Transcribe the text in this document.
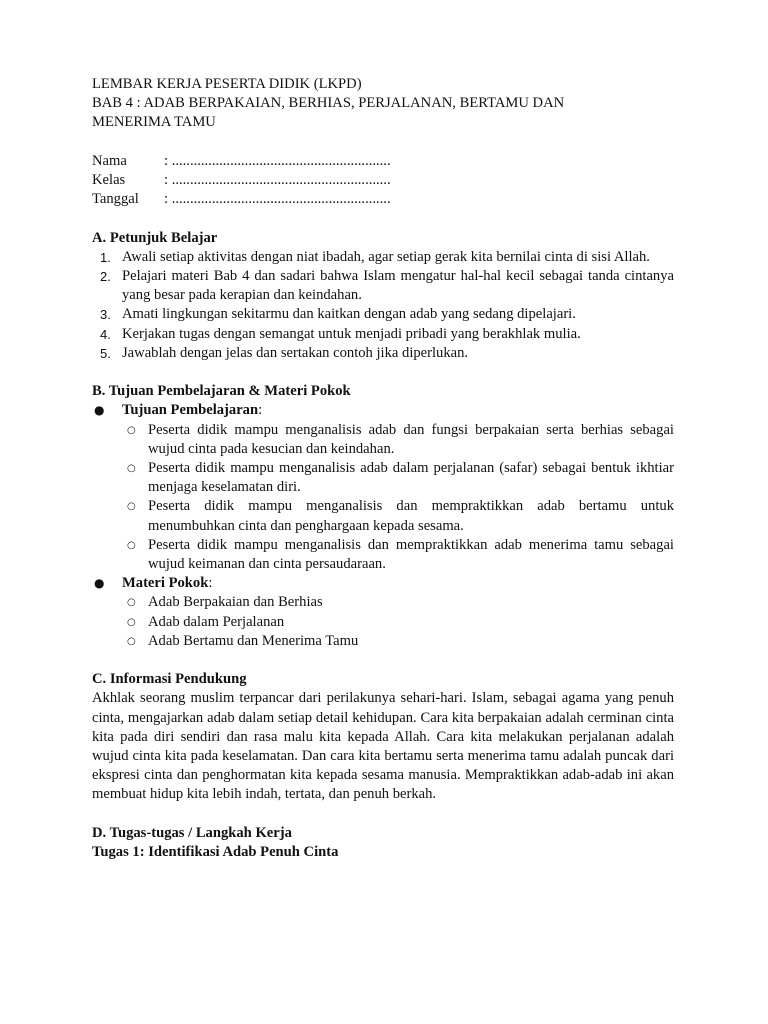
LEMBAR KERJA PESERTA DIDIK (LKPD)

BAB 4 : ADAB BERPAKAIAN, BERHIAS, PERJALANAN, BERTAMU DAN

MENERIMA TAMU

Nama	: ............................................................
Kelas	: ............................................................
Tanggal	: ............................................................

A. Petunjuk Belajar

1. Awali setiap aktivitas dengan niat ibadah, agar setiap gerak kita bernilai cinta di sisi Allah.
2. Pelajari materi Bab 4 dan sadari bahwa Islam mengatur hal-hal kecil sebagai tanda cintanya yang besar pada kerapian dan keindahan.
3. Amati lingkungan sekitarmu dan kaitkan dengan adab yang sedang dipelajari.
4. Kerjakan tugas dengan semangat untuk menjadi pribadi yang berakhlak mulia.
5. Jawablah dengan jelas dan sertakan contoh jika diperlukan.

B. Tujuan Pembelajaran & Materi Pokok

● Tujuan Pembelajaran:
○ Peserta didik mampu menganalisis adab dan fungsi berpakaian serta berhias sebagai wujud cinta pada kesucian dan keindahan.
○ Peserta didik mampu menganalisis adab dalam perjalanan (safar) sebagai bentuk ikhtiar menjaga keselamatan diri.
○ Peserta didik mampu menganalisis dan mempraktikkan adab bertamu untuk menumbuhkan cinta dan penghargaan kepada sesama.
○ Peserta didik mampu menganalisis dan mempraktikkan adab menerima tamu sebagai wujud keimanan dan cinta persaudaraan.
● Materi Pokok:
○ Adab Berpakaian dan Berhias
○ Adab dalam Perjalanan
○ Adab Bertamu dan Menerima Tamu

C. Informasi Pendukung

Akhlak seorang muslim terpancar dari perilakunya sehari-hari. Islam, sebagai agama yang penuh cinta, mengajarkan adab dalam setiap detail kehidupan. Cara kita berpakaian adalah cerminan cinta kita pada diri sendiri dan rasa malu kita kepada Allah. Cara kita melakukan perjalanan adalah wujud cinta kita pada keselamatan. Dan cara kita bertamu serta menerima tamu adalah puncak dari ekspresi cinta dan penghormatan kita kepada sesama manusia. Mempraktikkan adab-adab ini akan membuat hidup kita lebih indah, tertata, dan penuh berkah.

D. Tugas-tugas / Langkah Kerja

Tugas 1: Identifikasi Adab Penuh Cinta
